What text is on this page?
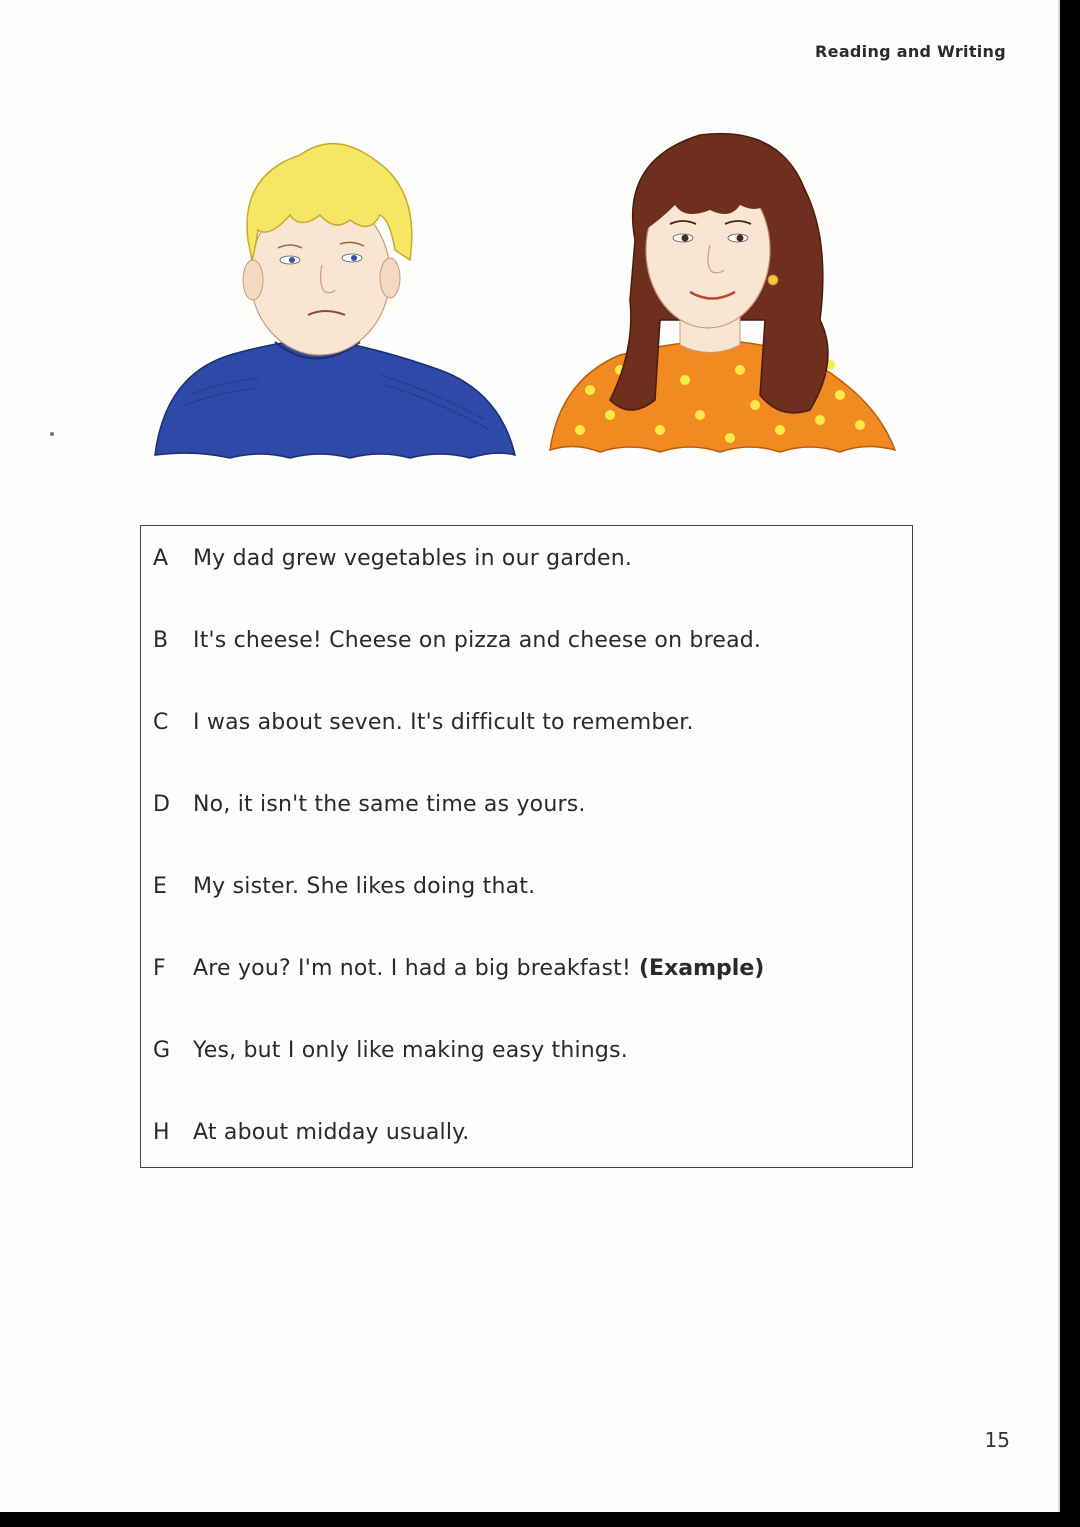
Reading and Writing
A	My dad grew vegetables in our garden.
B	It's cheese! Cheese on pizza and cheese on bread.
C	I was about seven. It's difficult to remember.
D	No, it isn't the same time as yours.
E	My sister. She likes doing that.
F	Are you? I'm not. I had a big breakfast! (Example)
G	Yes, but I only like making easy things.
H	At about midday usually.
15
